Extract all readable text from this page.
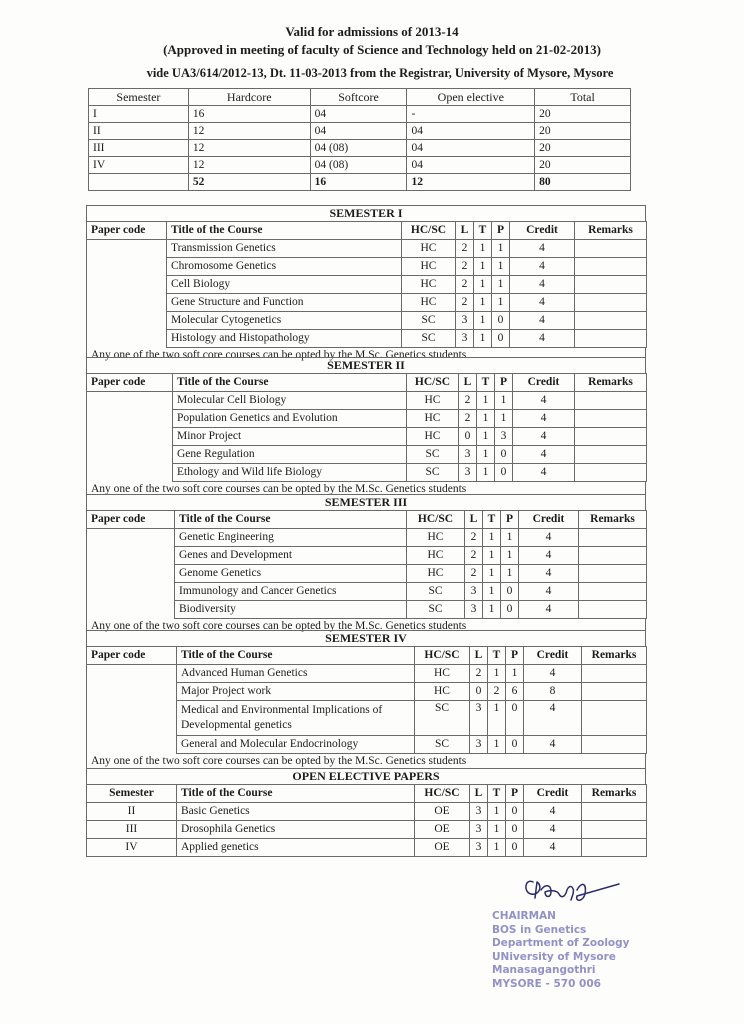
Valid for admissions of 2013-14
(Approved in meeting of faculty of Science and Technology held on 21-02-2013)
vide UA3/614/2012-13, Dt. 11-03-2013 from the Registrar, University of Mysore, Mysore
Semester	Hardcore	Softcore	Open elective	Total
I	16	04	-	20
II	12	04	04	20
III	12	04 (08)	04	20
IV	12	04 (08)	04	20
	52	16	12	80
SEMESTER I
Paper code	Title of the Course	HC/SC	L	T	P	Credit	Remarks
	Transmission Genetics	HC	2	1	1	4	
	Chromosome Genetics	HC	2	1	1	4	
	Cell Biology	HC	2	1	1	4	
	Gene Structure and Function	HC	2	1	1	4	
	Molecular Cytogenetics	SC	3	1	0	4	
	Histology and Histopathology	SC	3	1	0	4	
Any one of the two soft core courses can be opted by the M.Sc. Genetics students
SEMESTER II
Paper code	Title of the Course	HC/SC	L	T	P	Credit	Remarks
	Molecular Cell Biology	HC	2	1	1	4	
	Population Genetics and Evolution	HC	2	1	1	4	
	Minor Project	HC	0	1	3	4	
	Gene Regulation	SC	3	1	0	4	
	Ethology and Wild life Biology	SC	3	1	0	4	
Any one of the two soft core courses can be opted by the M.Sc. Genetics students
SEMESTER III
Paper code	Title of the Course	HC/SC	L	T	P	Credit	Remarks
	Genetic Engineering	HC	2	1	1	4	
	Genes and Development	HC	2	1	1	4	
	Genome Genetics	HC	2	1	1	4	
	Immunology and Cancer Genetics	SC	3	1	0	4	
	Biodiversity	SC	3	1	0	4	
Any one of the two soft core courses can be opted by the M.Sc. Genetics students
SEMESTER IV
Paper code	Title of the Course	HC/SC	L	T	P	Credit	Remarks
	Advanced Human Genetics	HC	2	1	1	4	
	Major Project work	HC	0	2	6	8	
	Medical and Environmental Implications of Developmental genetics	SC	3	1	0	4	
	General and Molecular Endocrinology	SC	3	1	0	4	
Any one of the two soft core courses can be opted by the M.Sc. Genetics students
OPEN ELECTIVE PAPERS
Semester	Title of the Course	HC/SC	L	T	P	Credit	Remarks
II	Basic Genetics	OE	3	1	0	4	
III	Drosophila Genetics	OE	3	1	0	4	
IV	Applied genetics	OE	3	1	0	4	
CHAIRMAN
BOS in Genetics
Department of Zoology
UNiversity of Mysore
Manasagangothri
MYSORE - 570 006
